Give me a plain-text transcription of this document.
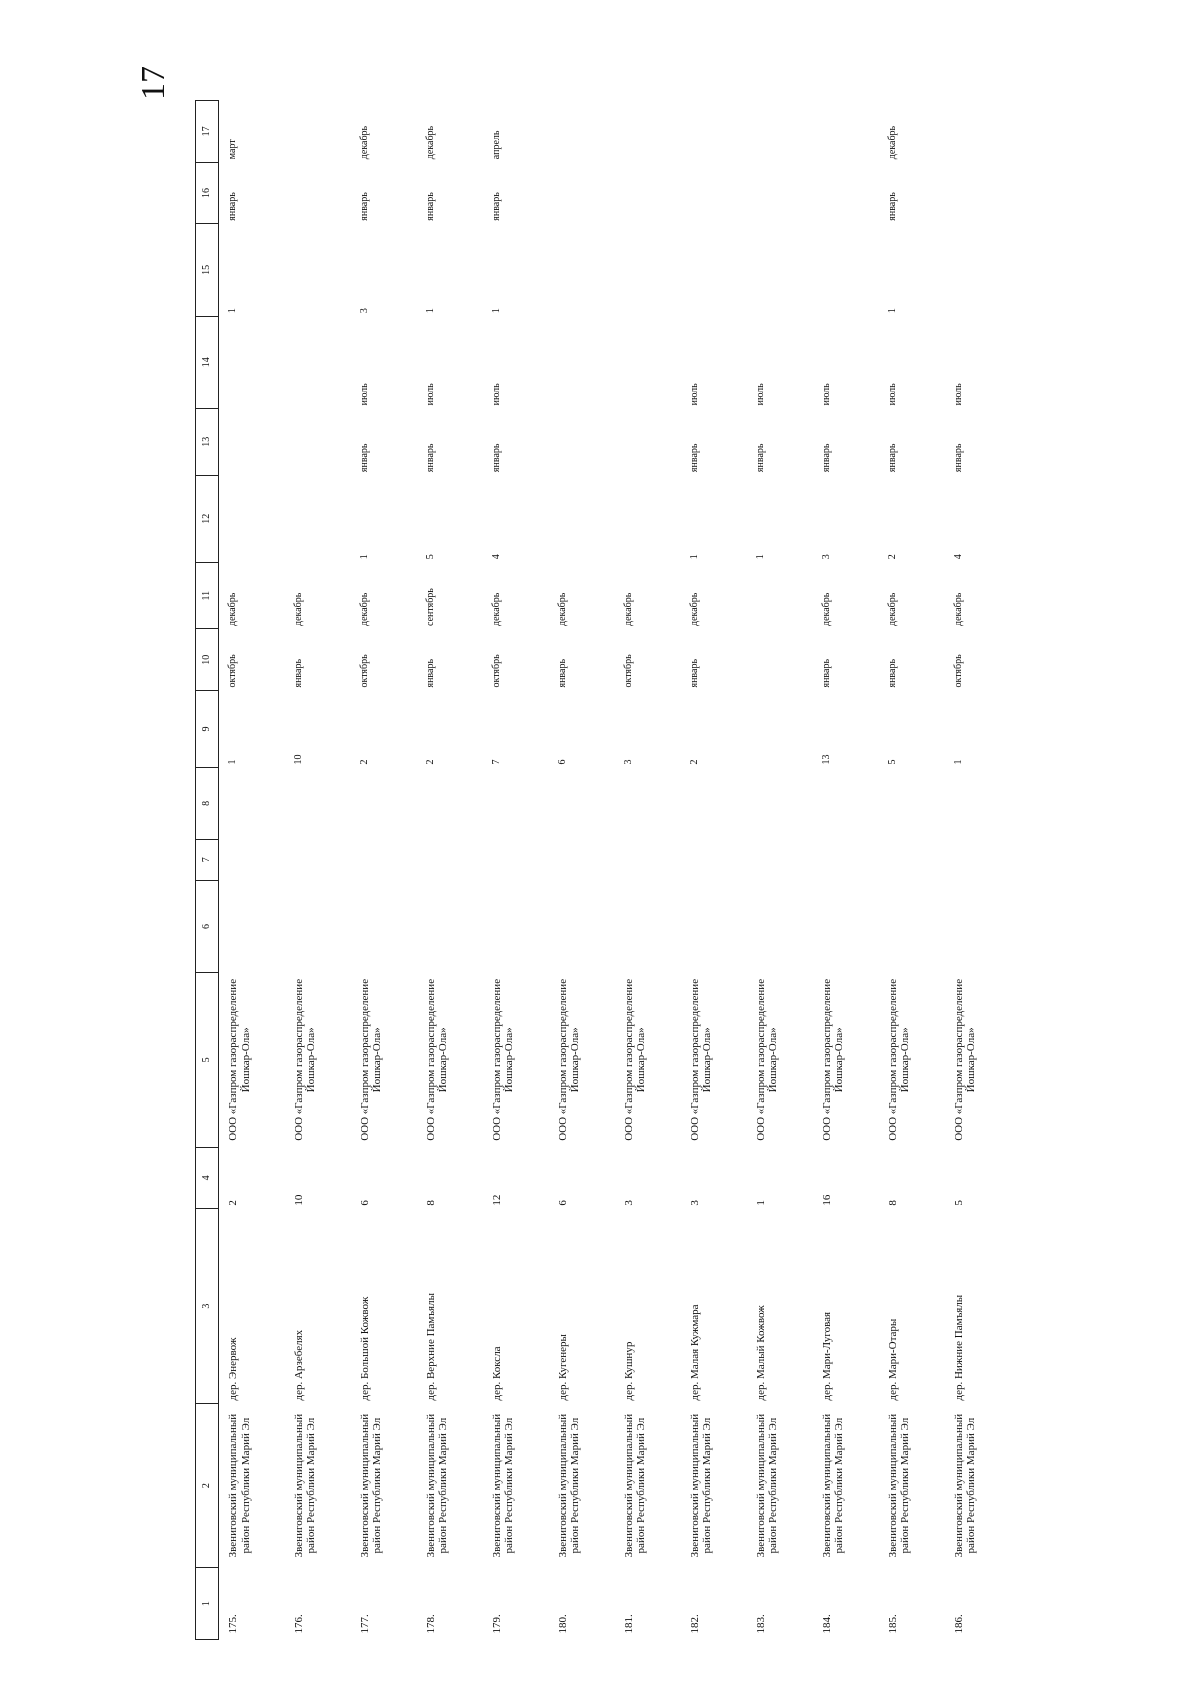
17
1	2	3	4	5	6	7	8	9	10	11	12	13	14	15	16	17
175.	Звениговский муниципальный район Республики Марий Эл	дер. Энервож	2	ООО «Газпром газораспределение Йошкар-Ола»				1	октябрь	декабрь				1	январь	март
176.	Звениговский муниципальный район Республики Марий Эл	дер. Арзебелях	10	ООО «Газпром газораспределение Йошкар-Ола»				10	январь	декабрь						
177.	Звениговский муниципальный район Республики Марий Эл	дер. Большой Кожвож	6	ООО «Газпром газораспределение Йошкар-Ола»				2	октябрь	декабрь	1	январь	июль	3	январь	декабрь
178.	Звениговский муниципальный район Республики Марий Эл	дер. Верхние Памъялы	8	ООО «Газпром газораспределение Йошкар-Ола»				2	январь	сентябрь	5	январь	июль	1	январь	декабрь
179.	Звениговский муниципальный район Республики Марий Эл	дер. Коксла	12	ООО «Газпром газораспределение Йошкар-Ола»				7	октябрь	декабрь	4	январь	июль	1	январь	апрель
180.	Звениговский муниципальный район Республики Марий Эл	дер. Кугенеры	6	ООО «Газпром газораспределение Йошкар-Ола»				6	январь	декабрь						
181.	Звениговский муниципальный район Республики Марий Эл	дер. Кушнур	3	ООО «Газпром газораспределение Йошкар-Ола»				3	октябрь	декабрь						
182.	Звениговский муниципальный район Республики Марий Эл	дер. Малая Кужмара	3	ООО «Газпром газораспределение Йошкар-Ола»				2	январь	декабрь	1	январь	июль			
183.	Звениговский муниципальный район Республики Марий Эл	дер. Малый Кожвож	1	ООО «Газпром газораспределение Йошкар-Ола»							1	январь	июль			
184.	Звениговский муниципальный район Республики Марий Эл	дер. Мари-Луговая	16	ООО «Газпром газораспределение Йошкар-Ола»				13	январь	декабрь	3	январь	июль			
185.	Звениговский муниципальный район Республики Марий Эл	дер. Мари-Отары	8	ООО «Газпром газораспределение Йошкар-Ола»				5	январь	декабрь	2	январь	июль	1	январь	декабрь
186.	Звениговский муниципальный район Республики Марий Эл	дер. Нижние Памъялы	5	ООО «Газпром газораспределение Йошкар-Ола»				1	октябрь	декабрь	4	январь	июль			
